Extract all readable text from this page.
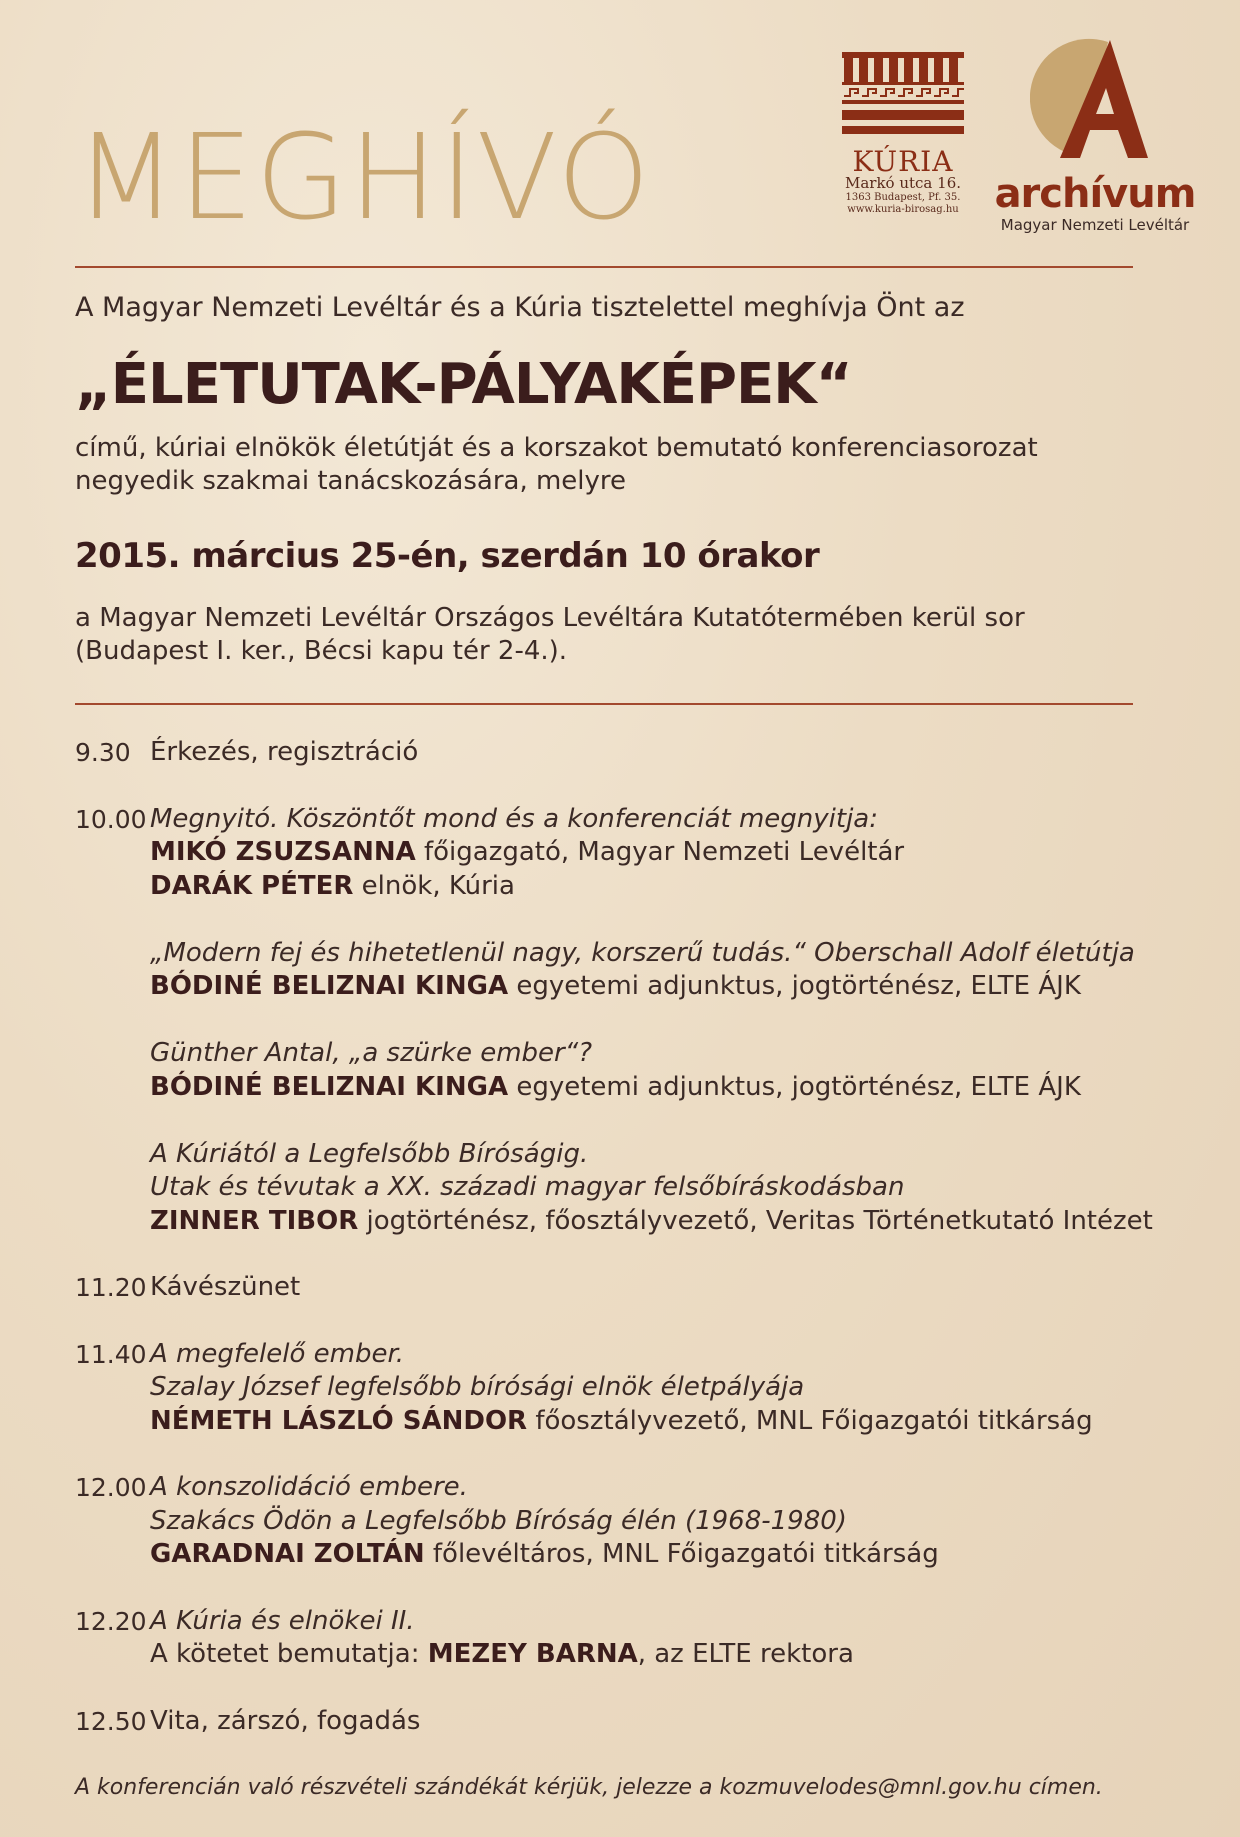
MEGHÍVÓ	KÚRIA
Markó utca 16.
1363 Budapest, Pf. 35.
www.kuria-birosag.hu archívum
Magyar Nemzeti Levéltár
A Magyar Nemzeti Levéltár és a Kúria tisztelettel meghívja Önt az
„ÉLETUTAK-PÁLYAKÉPEK“
című, kúriai elnökök életútját és a korszakot bemutató konferenciasorozat
negyedik szakmai tanácskozására, melyre
2015. március 25-én, szerdán 10 órakor
a Magyar Nemzeti Levéltár Országos Levéltára Kutatótermében kerül sor
(Budapest I. ker., Bécsi kapu tér 2-4.).
9.30 Érkezés, regisztráció
10.00 Megnyitó. Köszöntőt mond és a konferenciát megnyitja:
MIKÓ ZSUZSANNA főigazgató, Magyar Nemzeti Levéltár
DARÁK PÉTER elnök, Kúria
„Modern fej és hihetetlenül nagy, korszerű tudás.“ Oberschall Adolf életútja
BÓDINÉ BELIZNAI KINGA egyetemi adjunktus, jogtörténész, ELTE ÁJK
Günther Antal, „a szürke ember“?
BÓDINÉ BELIZNAI KINGA egyetemi adjunktus, jogtörténész, ELTE ÁJK
A Kúriától a Legfelsőbb Bíróságig.
Utak és tévutak a XX. századi magyar felsőbíráskodásban
ZINNER TIBOR jogtörténész, főosztályvezető, Veritas Történetkutató Intézet
11.20 Kávészünet
11.40 A megfelelő ember.
Szalay József legfelsőbb bírósági elnök életpályája
NÉMETH LÁSZLÓ SÁNDOR főosztályvezető, MNL Főigazgatói titkárság
12.00 A konszolidáció embere.
Szakács Ödön a Legfelsőbb Bíróság élén (1968-1980)
GARADNAI ZOLTÁN főlevéltáros, MNL Főigazgatói titkárság
12.20 A Kúria és elnökei II.
A kötetet bemutatja: MEZEY BARNA, az ELTE rektora
12.50 Vita, zárszó, fogadás
A konferencián való részvételi szándékát kérjük, jelezze a kozmuvelodes@mnl.gov.hu címen.
